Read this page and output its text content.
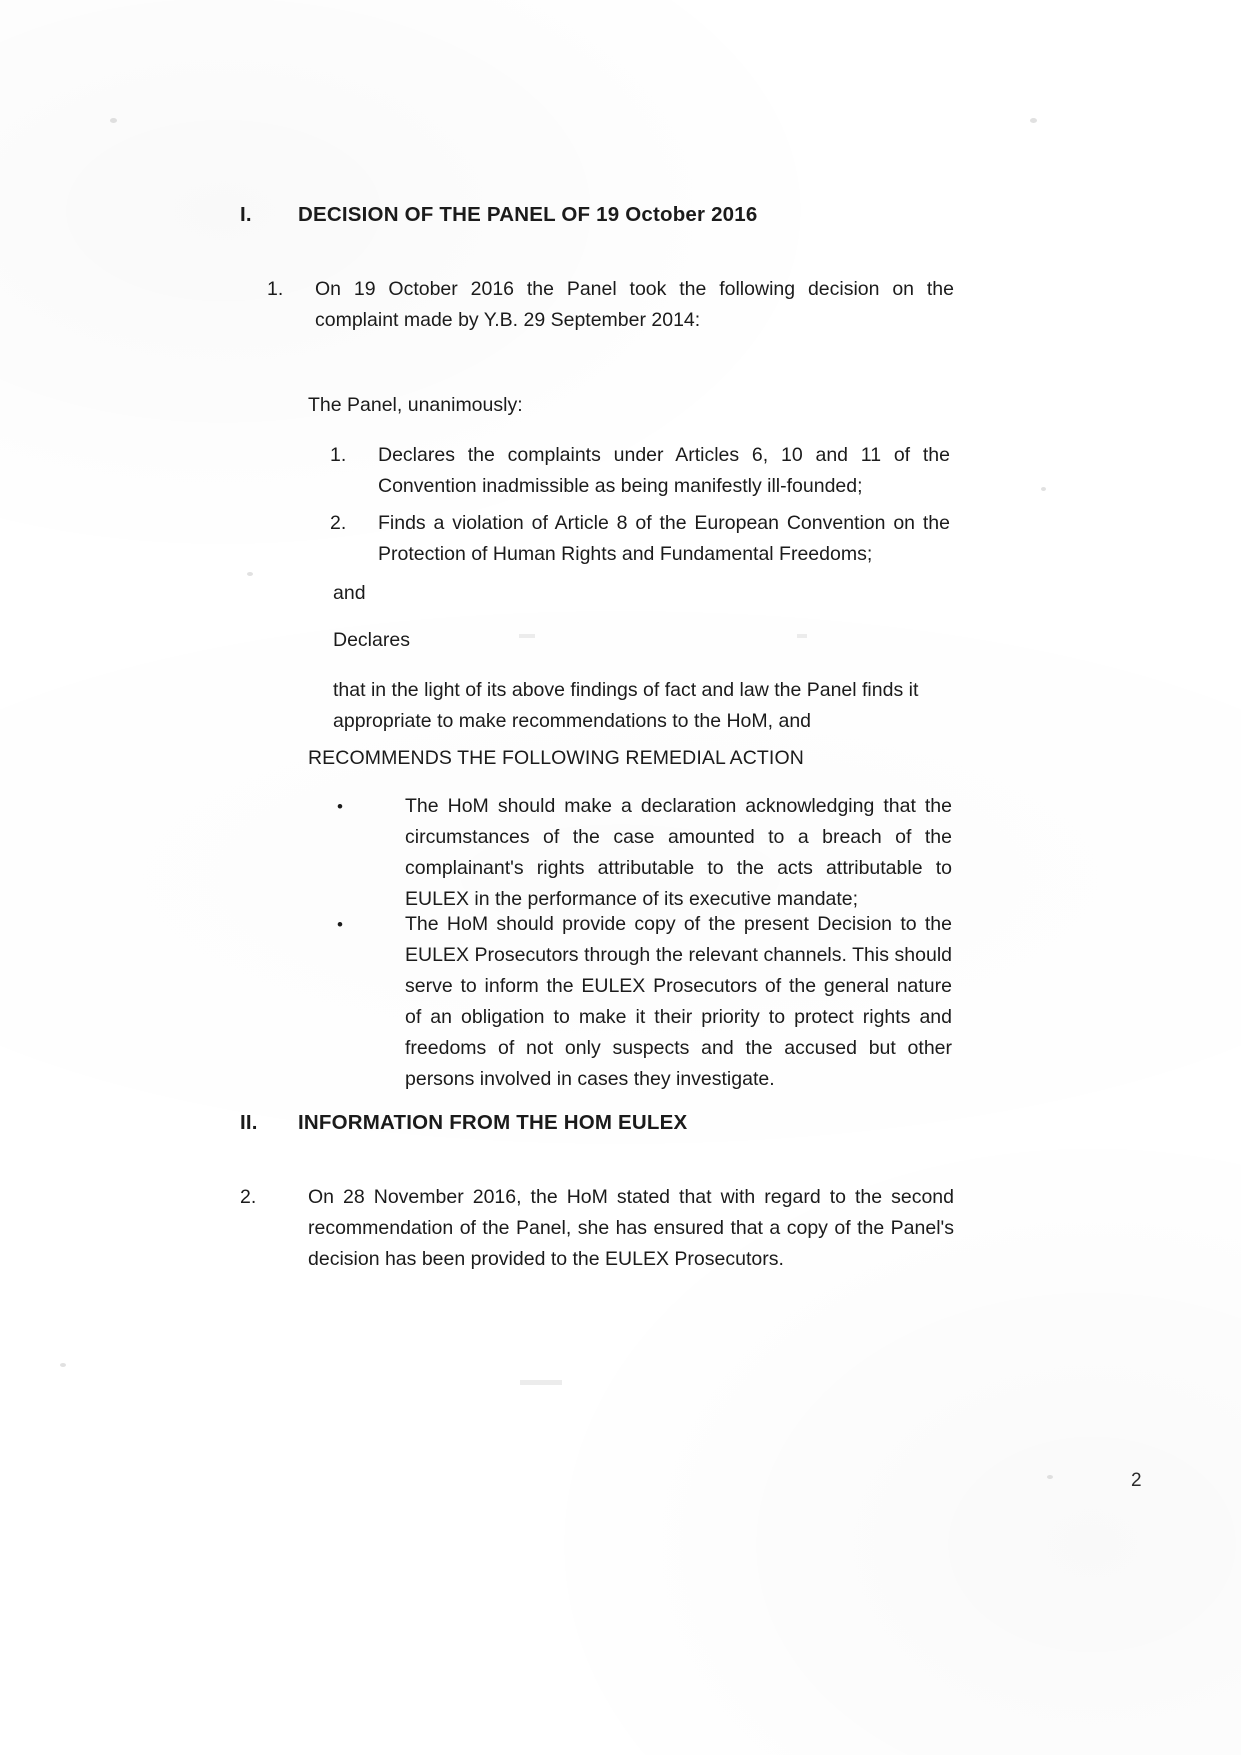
I.	DECISION OF THE PANEL OF 19 October 2016
1.	On 19 October 2016 the Panel took the following decision on the complaint made by Y.B. 29 September 2014:
The Panel, unanimously:
1.	Declares the complaints under Articles 6, 10 and 11 of the Convention inadmissible as being manifestly ill-founded;
2.	Finds a violation of Article 8 of the European Convention on the Protection of Human Rights and Fundamental Freedoms;
and
Declares
that in the light of its above findings of fact and law the Panel finds it appropriate to make recommendations to the HoM, and
RECOMMENDS THE FOLLOWING REMEDIAL ACTION
•	The HoM should make a declaration acknowledging that the circumstances of the case amounted to a breach of the complainant's rights attributable to the acts attributable to EULEX in the performance of its executive mandate;
•	The HoM should provide copy of the present Decision to the EULEX Prosecutors through the relevant channels. This should serve to inform the EULEX Prosecutors of the general nature of an obligation to make it their priority to protect rights and freedoms of not only suspects and the accused but other persons involved in cases they investigate.
II.	INFORMATION FROM THE HOM EULEX
2.	On 28 November 2016, the HoM stated that with regard to the second recommendation of the Panel, she has ensured that a copy of the Panel's decision has been provided to the EULEX Prosecutors.
2
